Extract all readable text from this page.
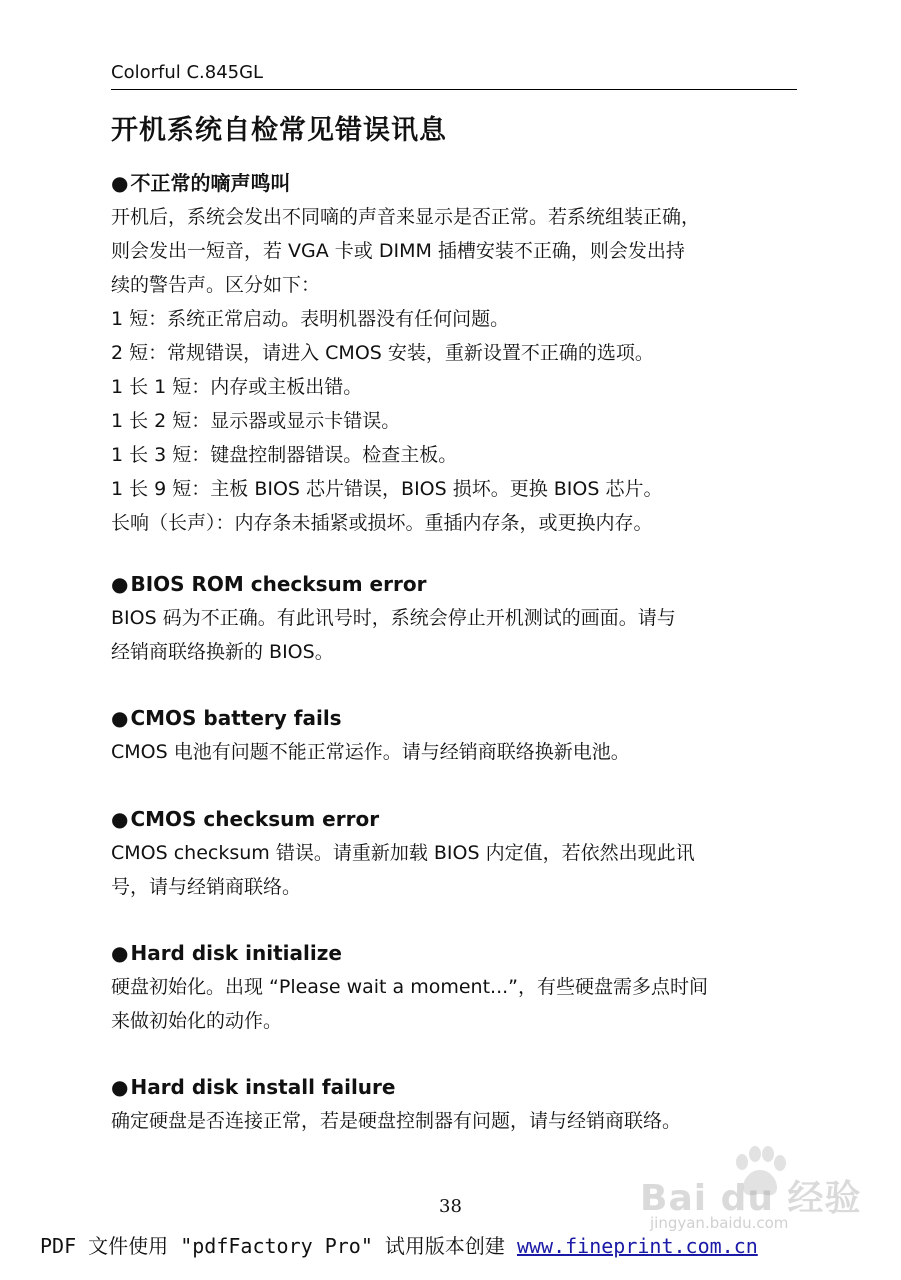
Colorful C.845GL
开机系统自检常见错误讯息
● 不正常的嘀声鸣叫
开机后，系统会发出不同嘀的声音来显示是否正常。若系统组装正确，
则会发出一短音，若 VGA 卡或 DIMM 插槽安装不正确，则会发出持
续的警告声。区分如下：
1 短：系统正常启动。表明机器没有任何问题。
2 短：常规错误，请进入 CMOS 安装，重新设置不正确的选项。
1 长 1 短：内存或主板出错。
1 长 2 短：显示器或显示卡错误。
1 长 3 短：键盘控制器错误。检查主板。
1 长 9 短：主板 BIOS 芯片错误，BIOS 损坏。更换 BIOS 芯片。
长响（长声）：内存条未插紧或损坏。重插内存条，或更换内存。
● BIOS ROM checksum error
BIOS 码为不正确。有此讯号时，系统会停止开机测试的画面。请与
经销商联络换新的 BIOS。
● CMOS battery fails
CMOS 电池有问题不能正常运作。请与经销商联络换新电池。
● CMOS checksum error
CMOS checksum 错误。请重新加载 BIOS 内定值，若依然出现此讯
号，请与经销商联络。
● Hard disk initialize
硬盘初始化。出现 “Please wait a moment...”，有些硬盘需多点时间
来做初始化的动作。
● Hard disk install failure
确定硬盘是否连接正常，若是硬盘控制器有问题，请与经销商联络。
Bai du 经验
jingyan.baidu.com
38
PDF 文件使用 "pdfFactory Pro" 试用版本创建 www.fineprint.com.cn
